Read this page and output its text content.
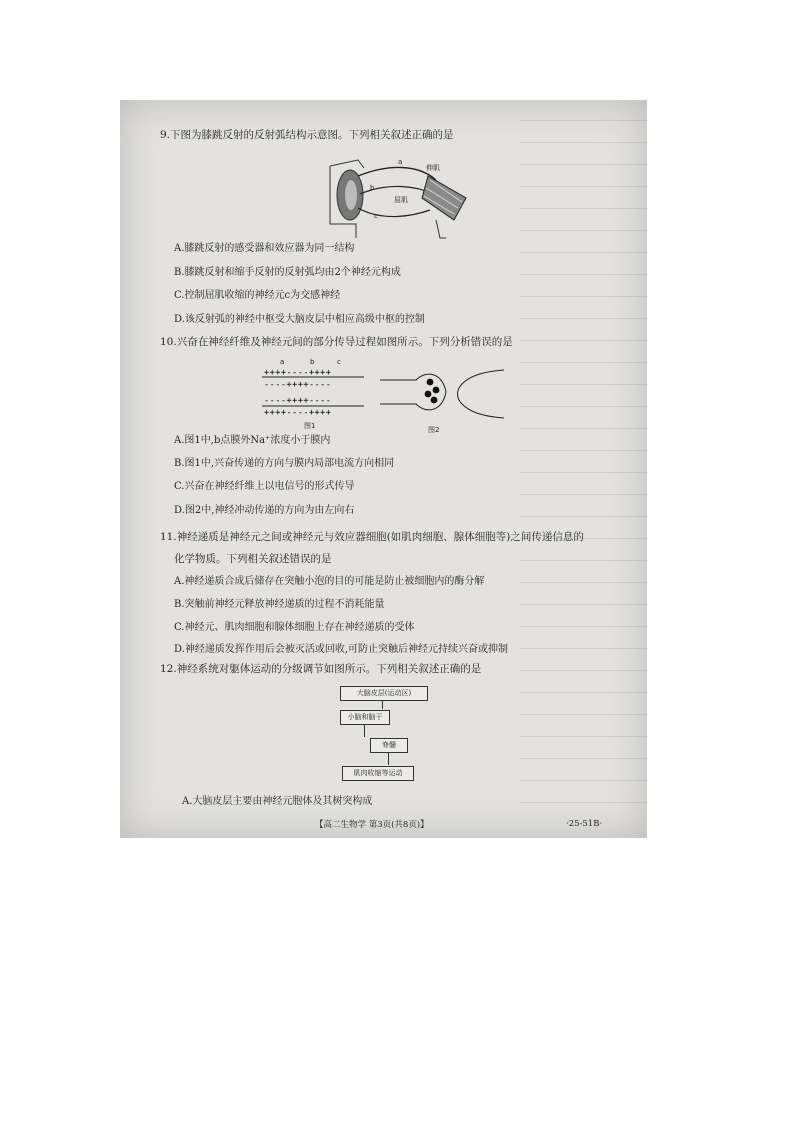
9.下图为膝跳反射的反射弧结构示意图。下列相关叙述正确的是
a
b
c
伸肌
屈肌
A.膝跳反射的感受器和效应器为同一结构
B.膝跳反射和缩手反射的反射弧均由2个神经元构成
C.控制屈肌收缩的神经元c为交感神经
D.该反射弧的神经中枢受大脑皮层中相应高级中枢的控制
10.兴奋在神经纤维及神经元间的部分传导过程如图所示。下列分析错误的是
a	b	c
++++----++++
----++++----
----++++----
++++----++++
图1	图2
A.图1中,b点膜外Na⁺浓度小于膜内
B.图1中,兴奋传递的方向与膜内局部电流方向相同
C.兴奋在神经纤维上以电信号的形式传导
D.图2中,神经冲动传递的方向为由左向右
11.神经递质是神经元之间或神经元与效应器细胞(如肌肉细胞、腺体细胞等)之间传递信息的
化学物质。下列相关叙述错误的是
A.神经递质合成后储存在突触小泡的目的可能是防止被细胞内的酶分解
B.突触前神经元释放神经递质的过程不消耗能量
C.神经元、肌肉细胞和腺体细胞上存在神经递质的受体
D.神经递质发挥作用后会被灭活或回收,可防止突触后神经元持续兴奋或抑制
12.神经系统对躯体运动的分级调节如图所示。下列相关叙述正确的是
大脑皮层(运动区)
小脑和脑干
脊髓
肌肉收缩等运动
A.大脑皮层主要由神经元胞体及其树突构成
【高二生物学 第3页(共8页)】	·25-51B·
